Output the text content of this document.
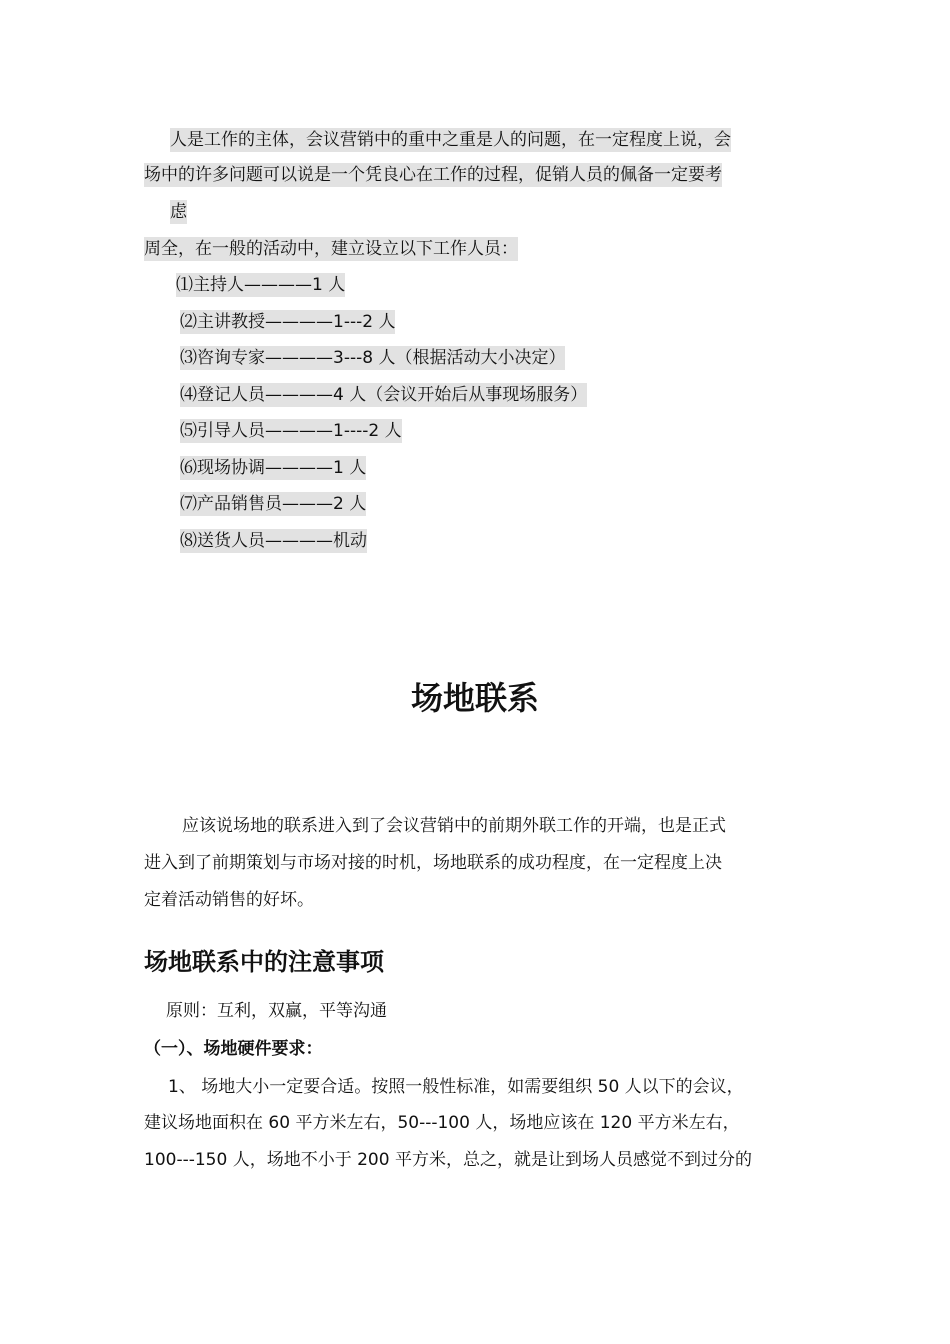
人是工作的主体，会议营销中的重中之重是人的问题，在一定程度上说，会
场中的许多问题可以说是一个凭良心在工作的过程，促销人员的佩备一定要考
虑
周全，在一般的活动中，建立设立以下工作人员：
⑴主持人————1 人
⑵主讲教授————1---2 人
⑶咨询专家————3---8 人（根据活动大小决定）
⑷登记人员————4 人（会议开始后从事现场服务）
⑸引导人员————1----2 人
⑹现场协调————1 人
⑺产品销售员———2 人
⑻送货人员————机动
场地联系
应该说场地的联系进入到了会议营销中的前期外联工作的开端，也是正式
进入到了前期策划与市场对接的时机，场地联系的成功程度，在一定程度上决
定着活动销售的好坏。
场地联系中的注意事项
原则：互利，双赢，平等沟通
（一）、场地硬件要求：
1、 场地大小一定要合适。按照一般性标准，如需要组织 50 人以下的会议，
建议场地面积在 60 平方米左右，50---100 人，场地应该在 120 平方米左右，
100---150 人，场地不小于 200 平方米，总之，就是让到场人员感觉不到过分的
